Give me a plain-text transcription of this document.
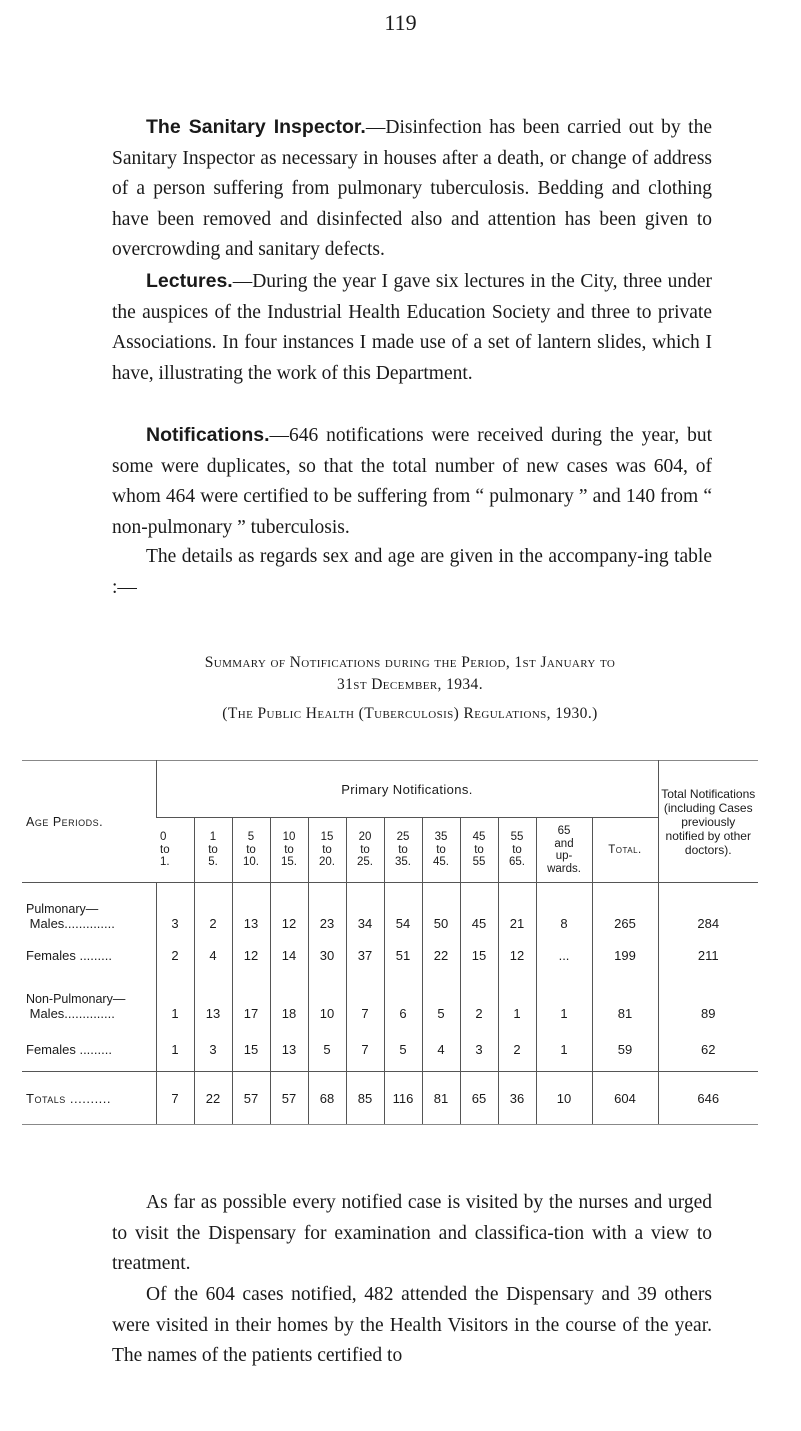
119

The Sanitary Inspector.—Disinfection has been carried out by the Sanitary Inspector as necessary in houses after a death, or change of address of a person suffering from pulmonary tuberculosis. Bedding and clothing have been removed and disinfected also and attention has been given to overcrowding and sanitary defects.

Lectures.—During the year I gave six lectures in the City, three under the auspices of the Industrial Health Education Society and three to private Associations. In four instances I made use of a set of lantern slides, which I have, illustrating the work of this Department.

Notifications.—646 notifications were received during the year, but some were duplicates, so that the total number of new cases was 604, of whom 464 were certified to be suffering from “ pulmonary ” and 140 from “ non-pulmonary ” tuberculosis.

The details as regards sex and age are given in the accompany-ing table :—

Summary of Notifications during the Period, 1st January to
31st December, 1934.
(The Public Health (Tuberculosis) Regulations, 1930.)
Age Periods.	Primary Notifications.												Total Notifications (including Cases previously notified by other doctors).
	0
to
1.	1
to
5.	5
to
10.	10
to
15.	15
to
20.	20
to
25.	25
to
35.	35
to
45.	45
to
55	55
to
65.	65
and
up-
wards.	Total.	
Pulmonary—
Males..............	3	2	13	12	23	34	54	50	45	21	8	265	284
Females .........	2	4	12	14	30	37	51	22	15	12	...	199	211
Non-Pulmonary—
Males..............	1	13	17	18	10	7	6	5	2	1	1	81	89
Females .........	1	3	15	13	5	7	5	4	3	2	1	59	62
Totals ..........	7	22	57	57	68	85	116	81	65	36	10	604	646

As far as possible every notified case is visited by the nurses and urged to visit the Dispensary for examination and classifica-tion with a view to treatment.

Of the 604 cases notified, 482 attended the Dispensary and 39 others were visited in their homes by the Health Visitors in the course of the year. The names of the patients certified to
